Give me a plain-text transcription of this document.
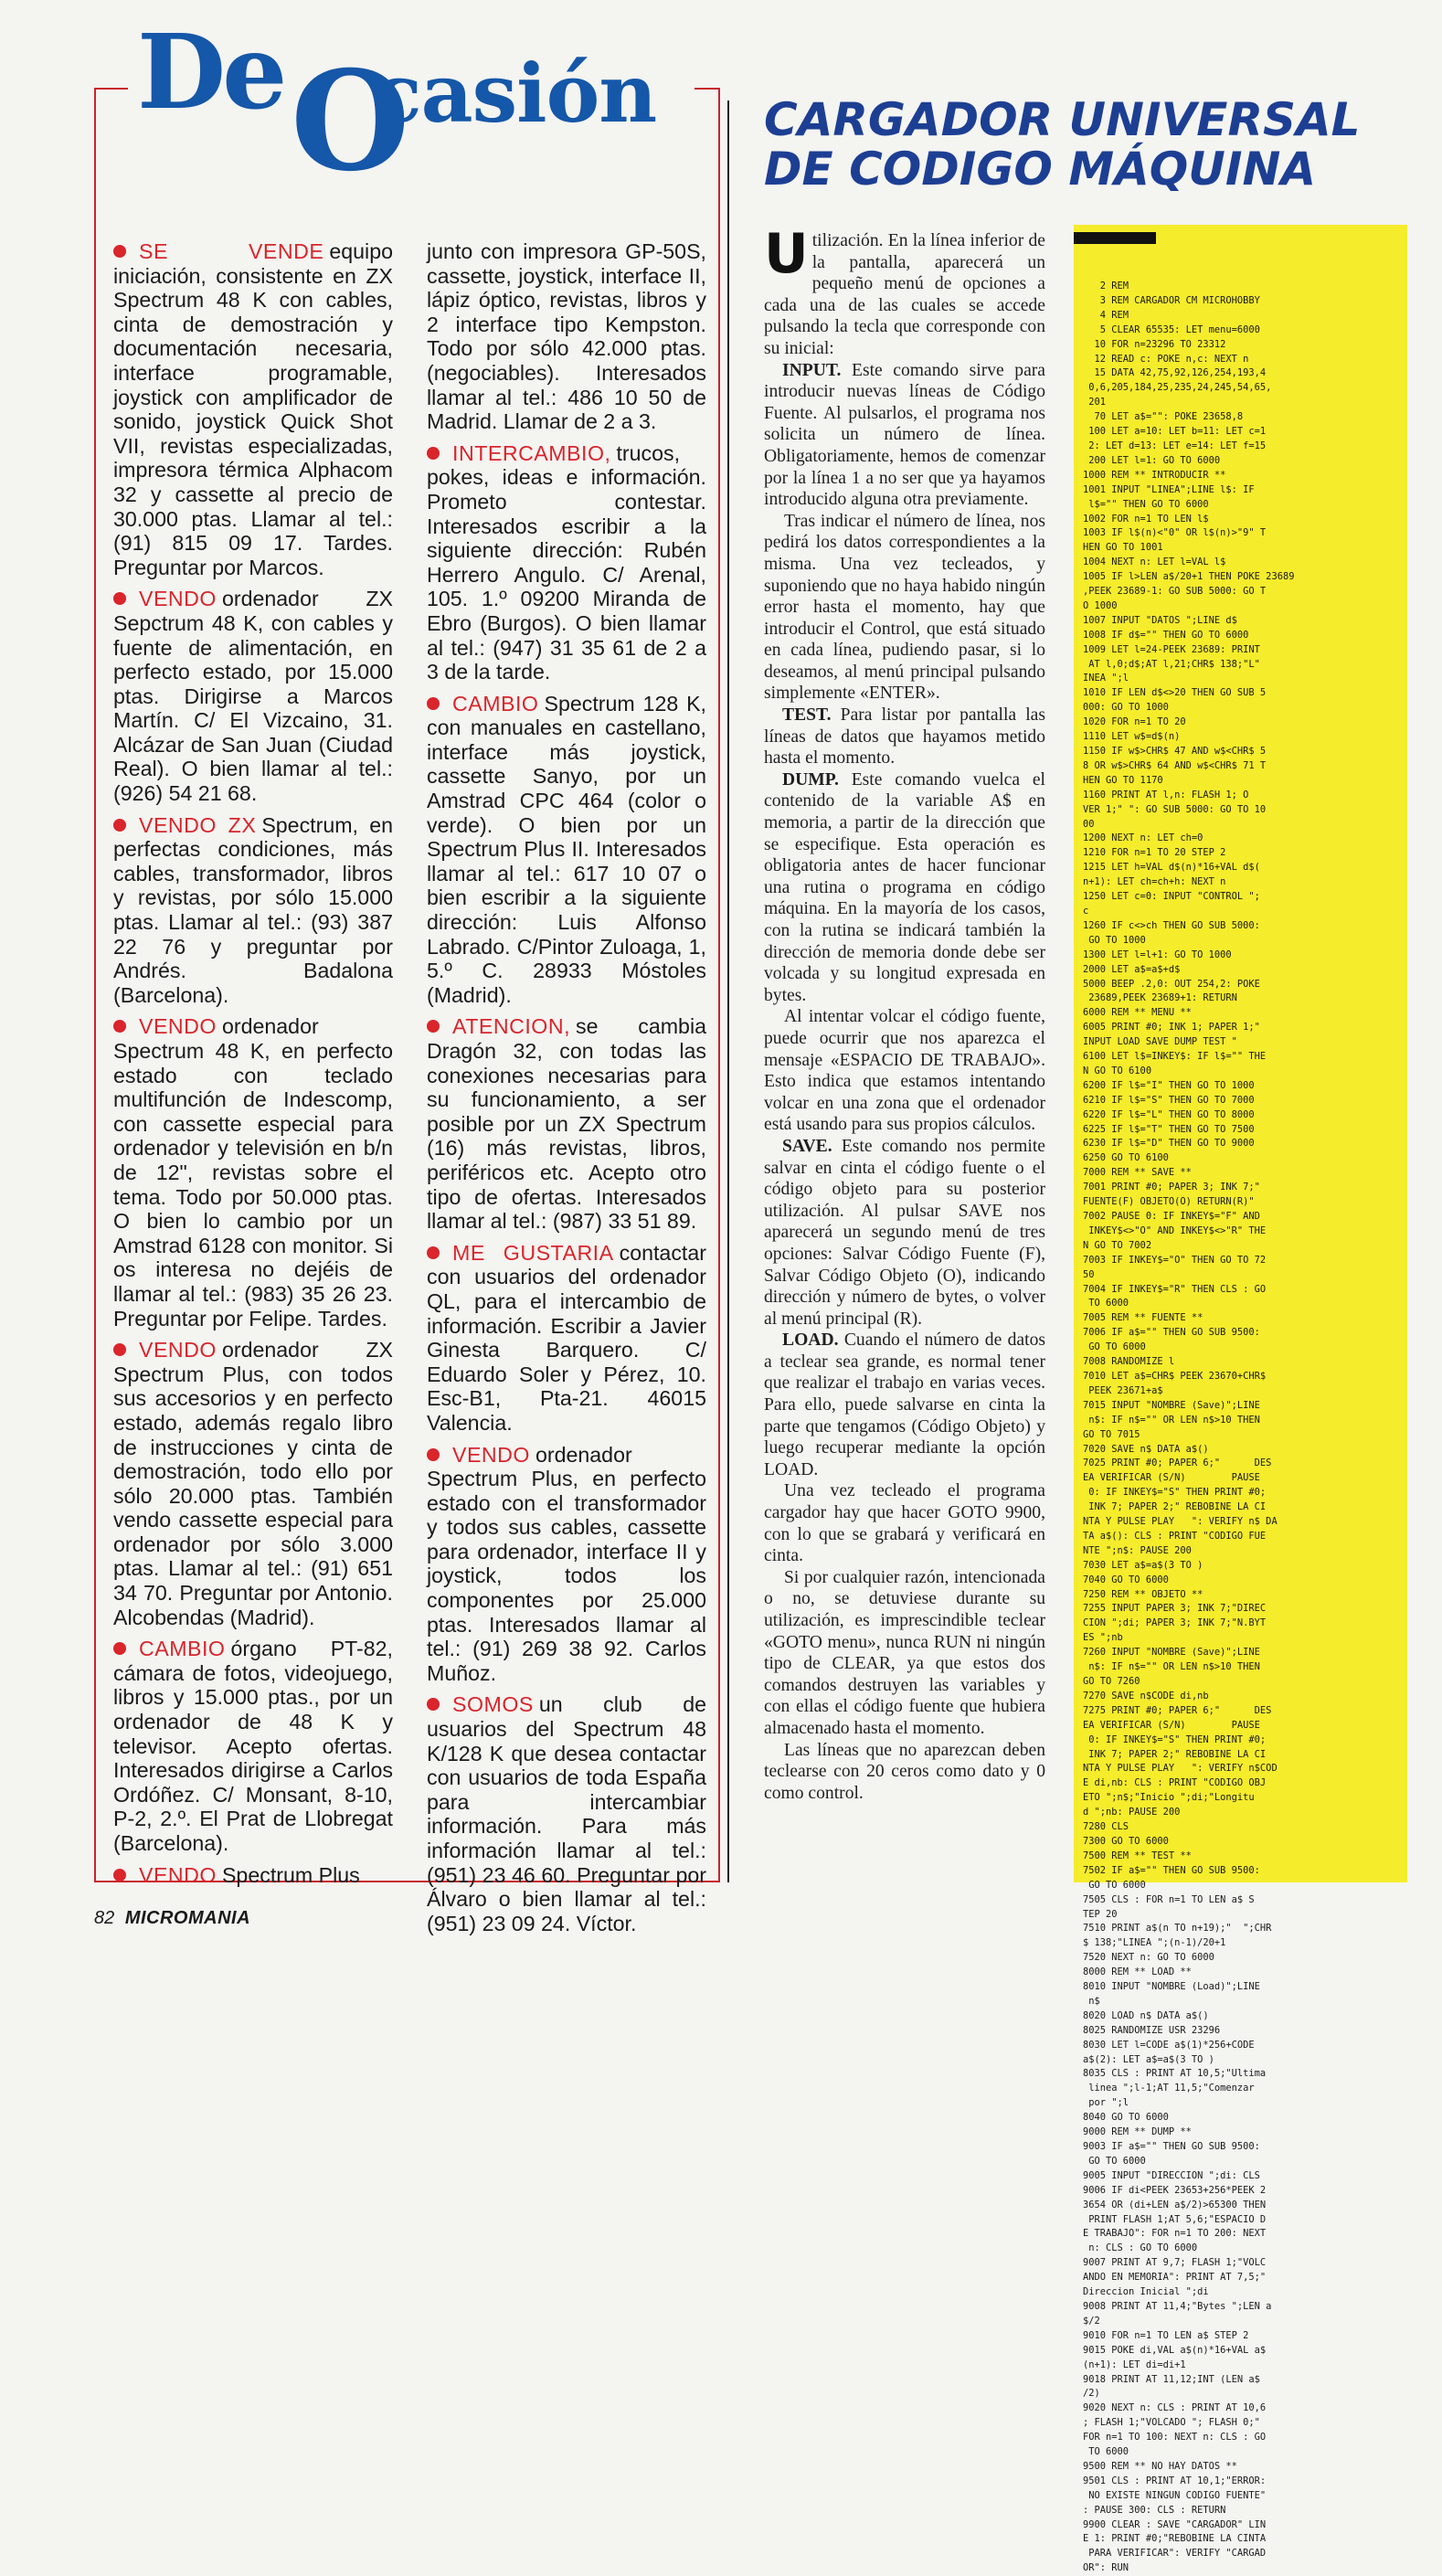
De O
casión

SE VENDE equipo iniciación, consistente en ZX Spectrum 48 K con cables, cinta de demostración y documentación necesaria, interface programable, joystick con amplificador de sonido, joystick Quick Shot VII, revistas especializadas, impresora térmica Alphacom 32 y cassette al precio de 30.000 ptas. Llamar al tel.: (91) 815 09 17. Tardes. Preguntar por Marcos.

VENDO ordenador ZX Sepctrum 48 K, con cables y fuente de alimentación, en perfecto estado, por 15.000 ptas. Dirigirse a Marcos Martín. C/ El Vizcaino, 31. Alcázar de San Juan (Ciudad Real). O bien llamar al tel.: (926) 54 21 68.

VENDO ZX Spectrum, en perfectas condiciones, más cables, transformador, libros y revistas, por sólo 15.000 ptas. Llamar al tel.: (93) 387 22 76 y preguntar por Andrés. Badalona (Barcelona).

VENDO ordenador Spectrum 48 K, en perfecto estado con teclado multifunción de Indescomp, con cassette especial para ordenador y televisión en b/n de 12", revistas sobre el tema. Todo por 50.000 ptas. O bien lo cambio por un Amstrad 6128 con monitor. Si os interesa no dejéis de llamar al tel.: (983) 35 26 23. Preguntar por Felipe. Tardes.

VENDO ordenador ZX Spectrum Plus, con todos sus accesorios y en perfecto estado, además regalo libro de instrucciones y cinta de demostración, todo ello por sólo 20.000 ptas. También vendo cassette especial para ordenador por sólo 3.000 ptas. Llamar al tel.: (91) 651 34 70. Preguntar por Antonio. Alcobendas (Madrid).

CAMBIO órgano PT-82, cámara de fotos, videojuego, libros y 15.000 ptas., por un ordenador de 48 K y televisor. Acepto ofertas. Interesados dirigirse a Carlos Ordóñez. C/ Monsant, 8-10, P-2, 2.º. El Prat de Llobregat (Barcelona).

VENDO Spectrum Plus

junto con impresora GP-50S, cassette, joystick, interface II, lápiz óptico, revistas, libros y 2 interface tipo Kempston. Todo por sólo 42.000 ptas. (negociables). Interesados llamar al tel.: 486 10 50 de Madrid. Llamar de 2 a 3.

INTERCAMBIO, trucos, pokes, ideas e información. Prometo contestar. Interesados escribir a la siguiente dirección: Rubén Herrero Angulo. C/ Arenal, 105. 1.º 09200 Miranda de Ebro (Burgos). O bien llamar al tel.: (947) 31 35 61 de 2 a 3 de la tarde.

CAMBIO Spectrum 128 K, con manuales en castellano, interface más joystick, cassette Sanyo, por un Amstrad CPC 464 (color o verde). O bien por un Spectrum Plus II. Interesados llamar al tel.: 617 10 07 o bien escribir a la siguiente dirección: Luis Alfonso Labrado. C/Pintor Zuloaga, 1, 5.º C. 28933 Móstoles (Madrid).

ATENCION, se cambia Dragón 32, con todas las conexiones necesarias para su funcionamiento, a ser posible por un ZX Spectrum (16) más revistas, libros, periféricos etc. Acepto otro tipo de ofertas. Interesados llamar al tel.: (987) 33 51 89.

ME GUSTARIA contactar con usuarios del ordenador QL, para el intercambio de información. Escribir a Javier Ginesta Barquero. C/ Eduardo Soler y Pérez, 10. Esc-B1, Pta-21. 46015 Valencia.

VENDO ordenador Spectrum Plus, en perfecto estado con el transformador y todos sus cables, cassette para ordenador, interface II y joystick, todos los componentes por 25.000 ptas. Interesados llamar al tel.: (91) 269 38 92. Carlos Muñoz.

SOMOS un club de usuarios del Spectrum 48 K/128 K que desea contactar con usuarios de toda España para intercambiar información. Para más información llamar al tel.: (951) 23 46 60. Preguntar por Álvaro o bien llamar al tel.: (951) 23 09 24. Víctor.

CARGADOR UNIVERSAL
DE CODIGO MÁQUINA

Utilización. En la línea inferior de la pantalla, aparecerá un pequeño menú de opciones a cada una de las cuales se accede pulsando la tecla que corresponde con su inicial:

INPUT. Este comando sirve para introducir nuevas líneas de Código Fuente. Al pulsarlos, el programa nos solicita un número de línea. Obligatoriamente, hemos de comenzar por la línea 1 a no ser que ya hayamos introducido alguna otra previamente.

Tras indicar el número de línea, nos pedirá los datos correspondientes a la misma. Una vez tecleados, y suponiendo que no haya habido ningún error hasta el momento, hay que introducir el Control, que está situado en cada línea, pudiendo pasar, si lo deseamos, al menú principal pulsando simplemente «ENTER».

TEST. Para listar por pantalla las líneas de datos que hayamos metido hasta el momento.

DUMP. Este comando vuelca el contenido de la variable A$ en memoria, a partir de la dirección que se especifique. Esta operación es obligatoria antes de hacer funcionar una rutina o programa en código máquina. En la mayoría de los casos, con la rutina se indicará también la dirección de memoria donde debe ser volcada y su longitud expresada en bytes.

Al intentar volcar el código fuente, puede ocurrir que nos aparezca el mensaje «ESPACIO DE TRABAJO». Esto indica que estamos intentando volcar en una zona que el ordenador está usando para sus propios cálculos.

SAVE. Este comando nos permite salvar en cinta el código fuente o el código objeto para su posterior utilización. Al pulsar SAVE nos aparecerá un segundo menú de tres opciones: Salvar Código Fuente (F), Salvar Código Objeto (O), indicando dirección y número de bytes, o volver al menú principal (R).

LOAD. Cuando el número de datos a teclear sea grande, es normal tener que realizar el trabajo en varias veces. Para ello, puede salvarse en cinta la parte que tengamos (Código Objeto) y luego recuperar mediante la opción LOAD.

Una vez tecleado el programa cargador hay que hacer GOTO 9900, con lo que se grabará y verificará en cinta.

Si por cualquier razón, intencionada o no, se detuviese durante su utilización, es imprescindible teclear «GOTO menu», nunca RUN ni ningún tipo de CLEAR, ya que estos dos comandos destruyen las variables y con ellas el código fuente que hubiera almacenado hasta el momento.

Las líneas que no aparezcan deben teclearse con 20 ceros como dato y 0 como control.

2 REM
3 REM CARGADOR CM MICROHOBBY
4 REM
5 CLEAR 65535: LET menu=6000
10 FOR n=23296 TO 23312
12 READ c: POKE n,c: NEXT n
15 DATA 42,75,92,126,254,193,4
0,6,205,184,25,235,24,245,54,65,
201
70 LET a$="": POKE 23658,8
100 LET a=10: LET b=11: LET c=1
2: LET d=13: LET e=14: LET f=15
200 LET l=1: GO TO 6000
1000 REM ** INTRODUCIR **
1001 INPUT "LINEA";LINE l$: IF
l$="" THEN GO TO 6000
1002 FOR n=1 TO LEN l$
1003 IF l$(n)<"0" OR l$(n)>"9" T
HEN GO TO 1001
1004 NEXT n: LET l=VAL l$
1005 IF l>LEN a$/20+1 THEN POKE 23689
,PEEK 23689-1: GO SUB 5000: GO T
O 1000
1007 INPUT "DATOS ";LINE d$
1008 IF d$="" THEN GO TO 6000
1009 LET l=24-PEEK 23689: PRINT
AT l,0;d$;AT l,21;CHR$ 138;"L"
INEA ";l
1010 IF LEN d$<>20 THEN GO SUB 5
000: GO TO 1000
1020 FOR n=1 TO 20
1110 LET w$=d$(n)
1150 IF w$>CHR$ 47 AND w$<CHR$ 5
8 OR w$>CHR$ 64 AND w$<CHR$ 71 T
HEN GO TO 1170
1160 PRINT AT l,n: FLASH 1; O
VER 1;" ": GO SUB 5000: GO TO 10
00
1200 NEXT n: LET ch=0
1210 FOR n=1 TO 20 STEP 2
1215 LET h=VAL d$(n)*16+VAL d$(
n+1): LET ch=ch+h: NEXT n
1250 LET c=0: INPUT "CONTROL ";
c
1260 IF c<>ch THEN GO SUB 5000:
GO TO 1000
1300 LET l=l+1: GO TO 1000
2000 LET a$=a$+d$
5000 BEEP .2,0: OUT 254,2: POKE
23689,PEEK 23689+1: RETURN
6000 REM ** MENU **
6005 PRINT #0; INK 1; PAPER 1;"
INPUT LOAD SAVE DUMP TEST "
6100 LET l$=INKEY$: IF l$="" THE
N GO TO 6100
6200 IF l$="I" THEN GO TO 1000
6210 IF l$="S" THEN GO TO 7000
6220 IF l$="L" THEN GO TO 8000
6225 IF l$="T" THEN GO TO 7500
6230 IF l$="D" THEN GO TO 9000
6250 GO TO 6100
7000 REM ** SAVE **
7001 PRINT #0; PAPER 3; INK 7;"
FUENTE(F) OBJETO(O) RETURN(R)"
7002 PAUSE 0: IF INKEY$="F" AND
INKEY$<>"O" AND INKEY$<>"R" THE
N GO TO 7002
7003 IF INKEY$="O" THEN GO TO 72
50
7004 IF INKEY$="R" THEN CLS : GO
TO 6000
7005 REM ** FUENTE **
7006 IF a$="" THEN GO SUB 9500:
GO TO 6000
7008 RANDOMIZE l
7010 LET a$=CHR$ PEEK 23670+CHR$
PEEK 23671+a$
7015 INPUT "NOMBRE (Save)";LINE
n$: IF n$="" OR LEN n$>10 THEN
GO TO 7015
7020 SAVE n$ DATA a$()
7025 PRINT #0; PAPER 6;"      DES
EA VERIFICAR (S/N)        PAUSE
0: IF INKEY$="S" THEN PRINT #0;
INK 7; PAPER 2;" REBOBINE LA CI
NTA Y PULSE PLAY   ": VERIFY n$ DA
TA a$(): CLS : PRINT "CODIGO FUE
NTE ";n$: PAUSE 200
7030 LET a$=a$(3 TO )
7040 GO TO 6000
7250 REM ** OBJETO **
7255 INPUT PAPER 3; INK 7;"DIREC
CION ";di; PAPER 3; INK 7;"N.BYT
ES ";nb
7260 INPUT "NOMBRE (Save)";LINE
n$: IF n$="" OR LEN n$>10 THEN
GO TO 7260
7270 SAVE n$CODE di,nb
7275 PRINT #0; PAPER 6;"      DES
EA VERIFICAR (S/N)        PAUSE
0: IF INKEY$="S" THEN PRINT #0;
INK 7; PAPER 2;" REBOBINE LA CI
NTA Y PULSE PLAY   ": VERIFY n$COD
E di,nb: CLS : PRINT "CODIGO OBJ
ETO ";n$;"Inicio ";di;"Longitu
d ";nb: PAUSE 200
7280 CLS
7300 GO TO 6000
7500 REM ** TEST **
7502 IF a$="" THEN GO SUB 9500:
GO TO 6000
7505 CLS : FOR n=1 TO LEN a$ S
TEP 20
7510 PRINT a$(n TO n+19);"  ";CHR
$ 138;"LINEA ";(n-1)/20+1
7520 NEXT n: GO TO 6000
8000 REM ** LOAD **
8010 INPUT "NOMBRE (Load)";LINE
n$
8020 LOAD n$ DATA a$()
8025 RANDOMIZE USR 23296
8030 LET l=CODE a$(1)*256+CODE
a$(2): LET a$=a$(3 TO )
8035 CLS : PRINT AT 10,5;"Ultima
linea ";l-1;AT 11,5;"Comenzar
por ";l
8040 GO TO 6000
9000 REM ** DUMP **
9003 IF a$="" THEN GO SUB 9500:
GO TO 6000
9005 INPUT "DIRECCION ";di: CLS
9006 IF di<PEEK 23653+256*PEEK 2
3654 OR (di+LEN a$/2)>65300 THEN
PRINT FLASH 1;AT 5,6;"ESPACIO D
E TRABAJO": FOR n=1 TO 200: NEXT
n: CLS : GO TO 6000
9007 PRINT AT 9,7; FLASH 1;"VOLC
ANDO EN MEMORIA": PRINT AT 7,5;"
Direccion Inicial ";di
9008 PRINT AT 11,4;"Bytes ";LEN a
$/2
9010 FOR n=1 TO LEN a$ STEP 2
9015 POKE di,VAL a$(n)*16+VAL a$
(n+1): LET di=di+1
9018 PRINT AT 11,12;INT (LEN a$
/2)
9020 NEXT n: CLS : PRINT AT 10,6
; FLASH 1;"VOLCADO "; FLASH 0;"
FOR n=1 TO 100: NEXT n: CLS : GO
TO 6000
9500 REM ** NO HAY DATOS **
9501 CLS : PRINT AT 10,1;"ERROR:
NO EXISTE NINGUN CODIGO FUENTE"
: PAUSE 300: CLS : RETURN
9900 CLEAR : SAVE "CARGADOR" LIN
E 1: PRINT #0;"REBOBINE LA CINTA
PARA VERIFICAR": VERIFY "CARGAD
OR": RUN
82 MICROMANIA
